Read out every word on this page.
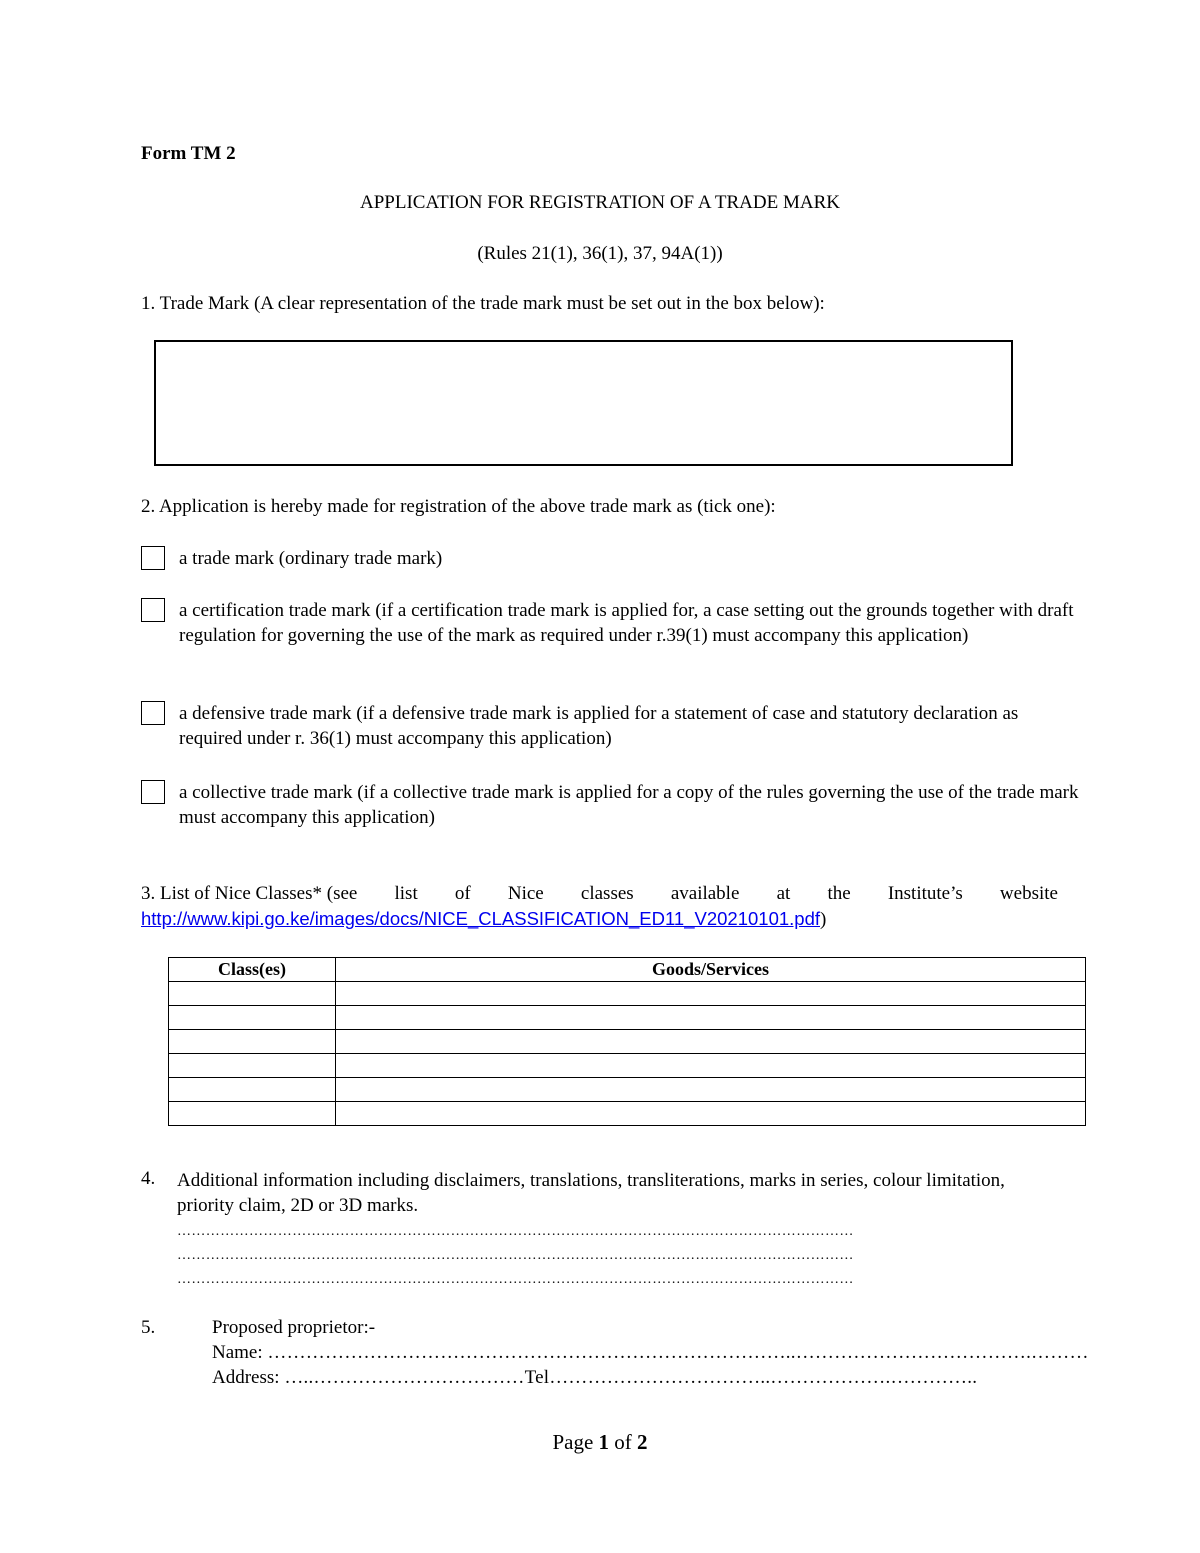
Form TM 2
APPLICATION FOR REGISTRATION OF A TRADE MARK
(Rules 21(1), 36(1), 37, 94A(1))
1. Trade Mark (A clear representation of the trade mark must be set out in the box below):
2. Application is hereby made for registration of the above trade mark as (tick one):
a trade mark (ordinary trade mark)
a certification trade mark (if a certification trade mark is applied for, a case setting out the grounds together with draft regulation for governing the use of the mark as required under r.39(1) must accompany this application)
a defensive trade mark (if a defensive trade mark is applied for a statement of case and statutory declaration as required under r. 36(1) must accompany this application)
a collective trade mark (if a collective trade mark is applied for a copy of the rules governing the use of the trade mark must accompany this application)
3. List of Nice Classes* (see list of Nice classes available at the Institute’s website
http://www.kipi.go.ke/images/docs/NICE_CLASSIFICATION_ED11_V20210101.pdf)
Class(es)	Goods/Services

4. Additional information including disclaimers, translations, transliterations, marks in series, colour limitation, priority claim, 2D or 3D marks.
……………………………………………………………………………………………………………………………
……………………………………………………………………………………………………………………………
……………………………………………………………………………………………………………………………
5.	Proposed proprietor:-
Name: ………………………………………………………………………..……………………………….………
Address: …..……………………………Tel……………………………..……………….…………..
Page 1 of 2
